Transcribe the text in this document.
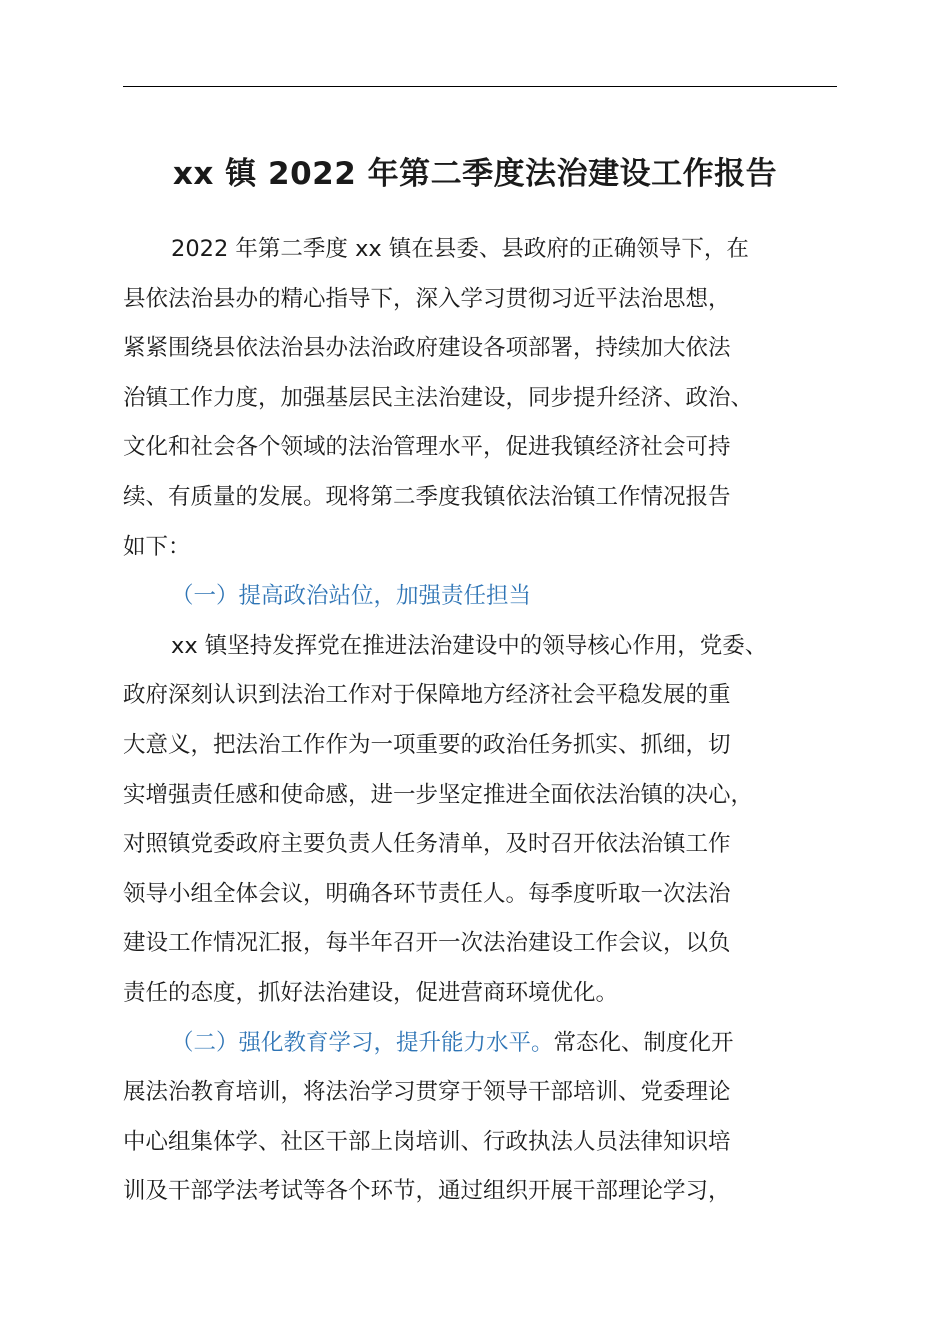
xx 镇 2022 年第二季度法治建设工作报告
2022 年第二季度 xx 镇在县委、县政府的正确领导下，在
县依法治县办的精心指导下，深入学习贯彻习近平法治思想，
紧紧围绕县依法治县办法治政府建设各项部署，持续加大依法
治镇工作力度，加强基层民主法治建设，同步提升经济、政治、
文化和社会各个领域的法治管理水平，促进我镇经济社会可持
续、有质量的发展。现将第二季度我镇依法治镇工作情况报告
如下：
（一）提高政治站位，加强责任担当
xx 镇坚持发挥党在推进法治建设中的领导核心作用，党委、
政府深刻认识到法治工作对于保障地方经济社会平稳发展的重
大意义，把法治工作作为一项重要的政治任务抓实、抓细，切
实增强责任感和使命感，进一步坚定推进全面依法治镇的决心，
对照镇党委政府主要负责人任务清单，及时召开依法治镇工作
领导小组全体会议，明确各环节责任人。每季度听取一次法治
建设工作情况汇报，每半年召开一次法治建设工作会议，以负
责任的态度，抓好法治建设，促进营商环境优化。
（二）强化教育学习，提升能力水平。常态化、制度化开
展法治教育培训，将法治学习贯穿于领导干部培训、党委理论
中心组集体学、社区干部上岗培训、行政执法人员法律知识培
训及干部学法考试等各个环节，通过组织开展干部理论学习，
